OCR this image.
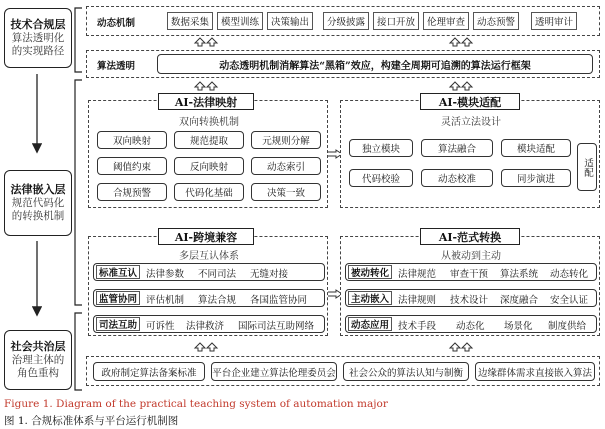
技术合规层
算法透明化
的实现路径
法律嵌入层
规范代码化
的转换机制
社会共治层
治理主体的
角色重构
动态机制	数据采集	模型训练	决策输出	分级披露	接口开放	伦理审查	动态预警	透明审计
算法透明	动态透明机制消解算法“黑箱”效应，构建全周期可追溯的算法运行框架
双向转换机制
双向映射	规范提取	元规则分解
阈值约束	反向映射	动态索引
合规预警	代码化基础	决策一致
AI-法律映射
灵活立法设计
独立模块	算法融合	模块适配
代码校验	动态校准	同步演进
适配
AI-模块适配
多层互认体系
标准互认 法律参数 不同司法 无缝对接
监管协同 评估机制 算法合规 各国监管协同
司法互助 可诉性 法律救济 国际司法互助网络
AI-跨境兼容
从被动到主动
被动转化 法律规范 审查干预 算法系统 动态转化
主动嵌入 法律规则 技术设计 深度融合 安全认证
动态应用 技术手段 动态化 场景化 制度供给
AI-范式转换
政府制定算法备案标准	平台企业建立算法伦理委员会	社会公众的算法认知与制衡	边缘群体需求直接嵌入算法
Figure 1. Diagram of the practical teaching system of automation major
图 1. 合规标准体系与平台运行机制图
